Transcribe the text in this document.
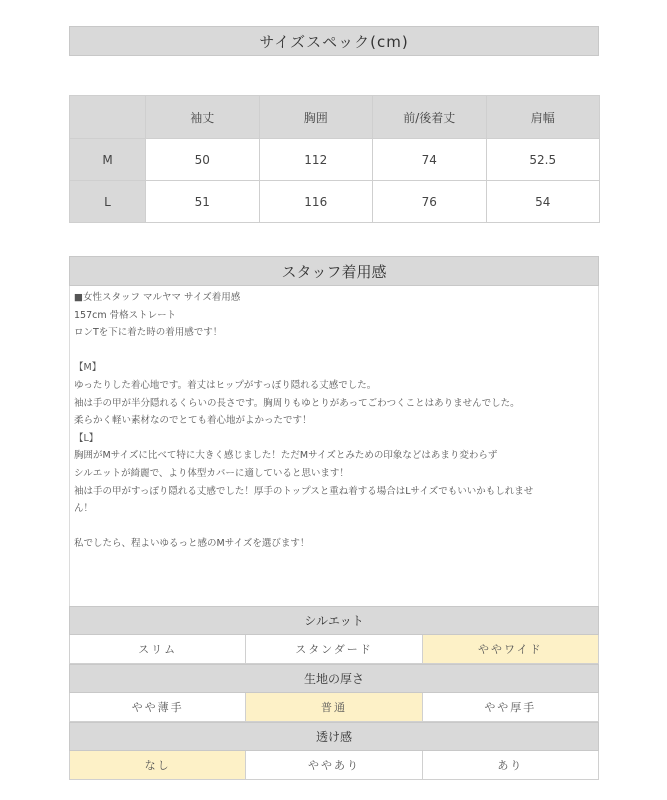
サイズスペック(cm)
	袖丈	胸囲	前/後着丈	肩幅
M	50	112	74	52.5
L	51	116	76	54
スタッフ着用感
■女性スタッフ マルヤマ サイズ着用感
157cm 骨格ストレート
ロンTを下に着た時の着用感です！
【M】
ゆったりした着心地です。着丈はヒップがすっぽり隠れる丈感でした。
袖は手の甲が半分隠れるくらいの長さです。胸周りもゆとりがあってごわつくことはありませんでした。
柔らかく軽い素材なのでとても着心地がよかったです！
【L】
胸囲がMサイズに比べて特に大きく感じました！ただMサイズとみための印象などはあまり変わらず
シルエットが綺麗で、より体型カバーに適していると思います！
袖は手の甲がすっぽり隠れる丈感でした！厚手のトップスと重ね着する場合はLサイズでもいいかもしれませ
ん！
私でしたら、程よいゆるっと感のMサイズを選びます！
シルエット
スリム	スタンダード	ややワイド
生地の厚さ
やや薄手	普通	やや厚手
透け感
なし	ややあり	あり
